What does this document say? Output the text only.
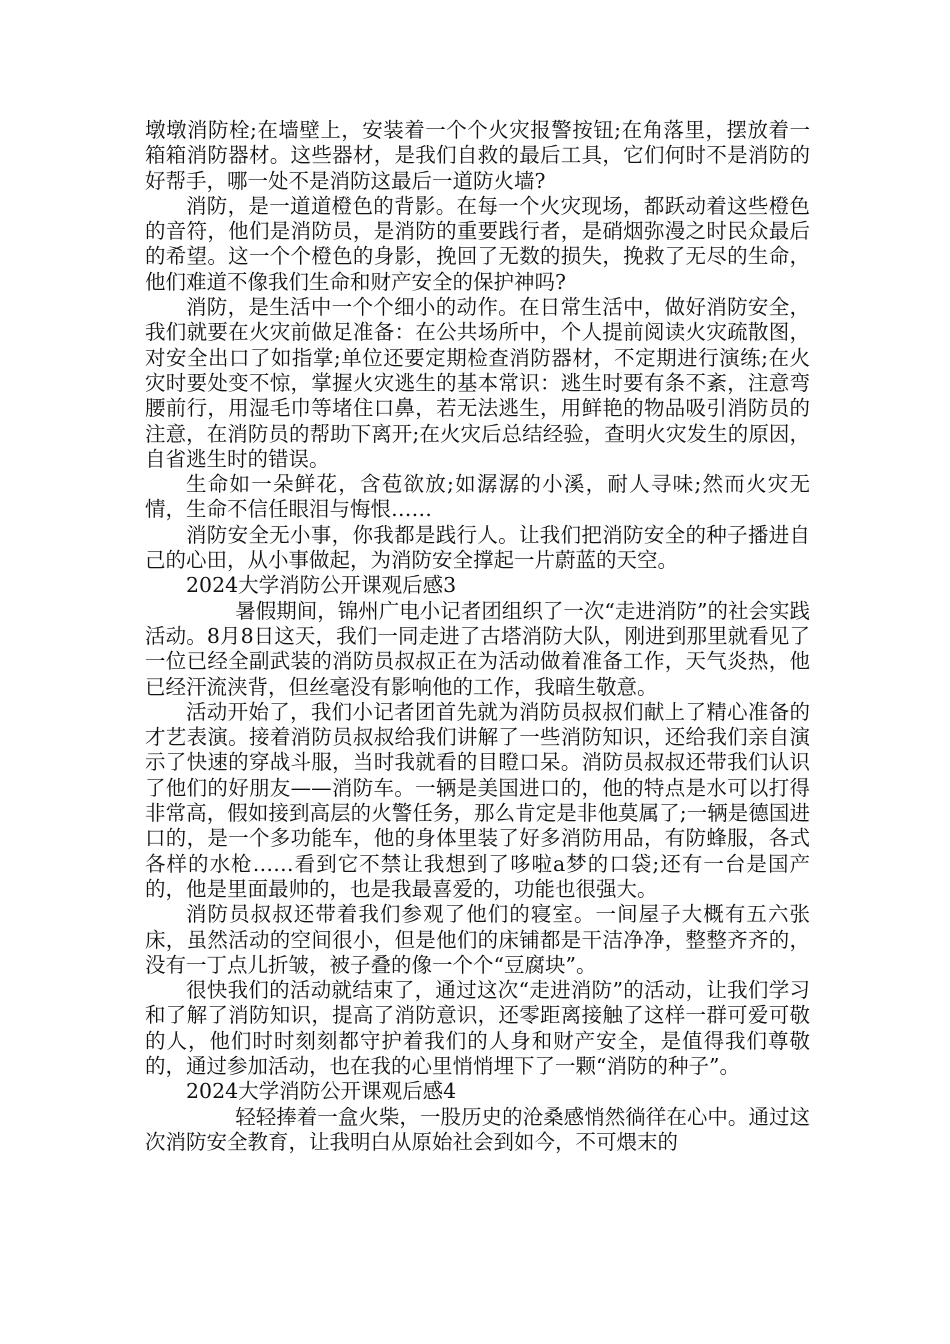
墩墩消防栓;在墙壁上，安装着一个个火灾报警按钮;在角落里，摆放着一箱箱消防器材。这些器材，是我们自救的最后工具，它们何时不是消防的好帮手，哪一处不是消防这最后一道防火墙?

消防，是一道道橙色的背影。在每一个火灾现场，都跃动着这些橙色的音符，他们是消防员，是消防的重要践行者，是硝烟弥漫之时民众最后的希望。这一个个橙色的身影，挽回了无数的损失，挽救了无尽的生命，他们难道不像我们生命和财产安全的保护神吗?

消防，是生活中一个个细小的动作。在日常生活中，做好消防安全，我们就要在火灾前做足准备：在公共场所中，个人提前阅读火灾疏散图，对安全出口了如指掌;单位还要定期检查消防器材，不定期进行演练;在火灾时要处变不惊，掌握火灾逃生的基本常识：逃生时要有条不紊，注意弯腰前行，用湿毛巾等堵住口鼻，若无法逃生，用鲜艳的物品吸引消防员的注意，在消防员的帮助下离开;在火灾后总结经验，查明火灾发生的原因，自省逃生时的错误。

生命如一朵鲜花，含苞欲放;如潺潺的小溪，耐人寻味;然而火灾无情，生命不信任眼泪与悔恨……

消防安全无小事，你我都是践行人。让我们把消防安全的种子播进自己的心田，从小事做起，为消防安全撑起一片蔚蓝的天空。

2024大学消防公开课观后感3

暑假期间，锦州广电小记者团组织了一次“走进消防”的社会实践活动。8月8日这天，我们一同走进了古塔消防大队，刚进到那里就看见了一位已经全副武装的消防员叔叔正在为活动做着准备工作，天气炎热，他已经汗流浃背，但丝毫没有影响他的工作，我暗生敬意。

活动开始了，我们小记者团首先就为消防员叔叔们献上了精心准备的才艺表演。接着消防员叔叔给我们讲解了一些消防知识，还给我们亲自演示了快速的穿战斗服，当时我就看的目瞪口呆。消防员叔叔还带我们认识了他们的好朋友——消防车。一辆是美国进口的，他的特点是水可以打得非常高，假如接到高层的火警任务，那么肯定是非他莫属了;一辆是德国进口的，是一个多功能车，他的身体里装了好多消防用品，有防蜂服，各式各样的水枪……看到它不禁让我想到了哆啦a梦的口袋;还有一台是国产的，他是里面最帅的，也是我最喜爱的，功能也很强大。

消防员叔叔还带着我们参观了他们的寝室。一间屋子大概有五六张床，虽然活动的空间很小，但是他们的床铺都是干洁净净，整整齐齐的，没有一丁点儿折皱，被子叠的像一个个“豆腐块”。

很快我们的活动就结束了，通过这次“走进消防”的活动，让我们学习和了解了消防知识，提高了消防意识，还零距离接触了这样一群可爱可敬的人，他们时时刻刻都守护着我们的人身和财产安全，是值得我们尊敬的，通过参加活动，也在我的心里悄悄埋下了一颗“消防的种子”。

2024大学消防公开课观后感4

轻轻捧着一盒火柴，一股历史的沧桑感悄然徜徉在心中。通过这次消防安全教育，让我明白从原始社会到如今，不可煨末的
